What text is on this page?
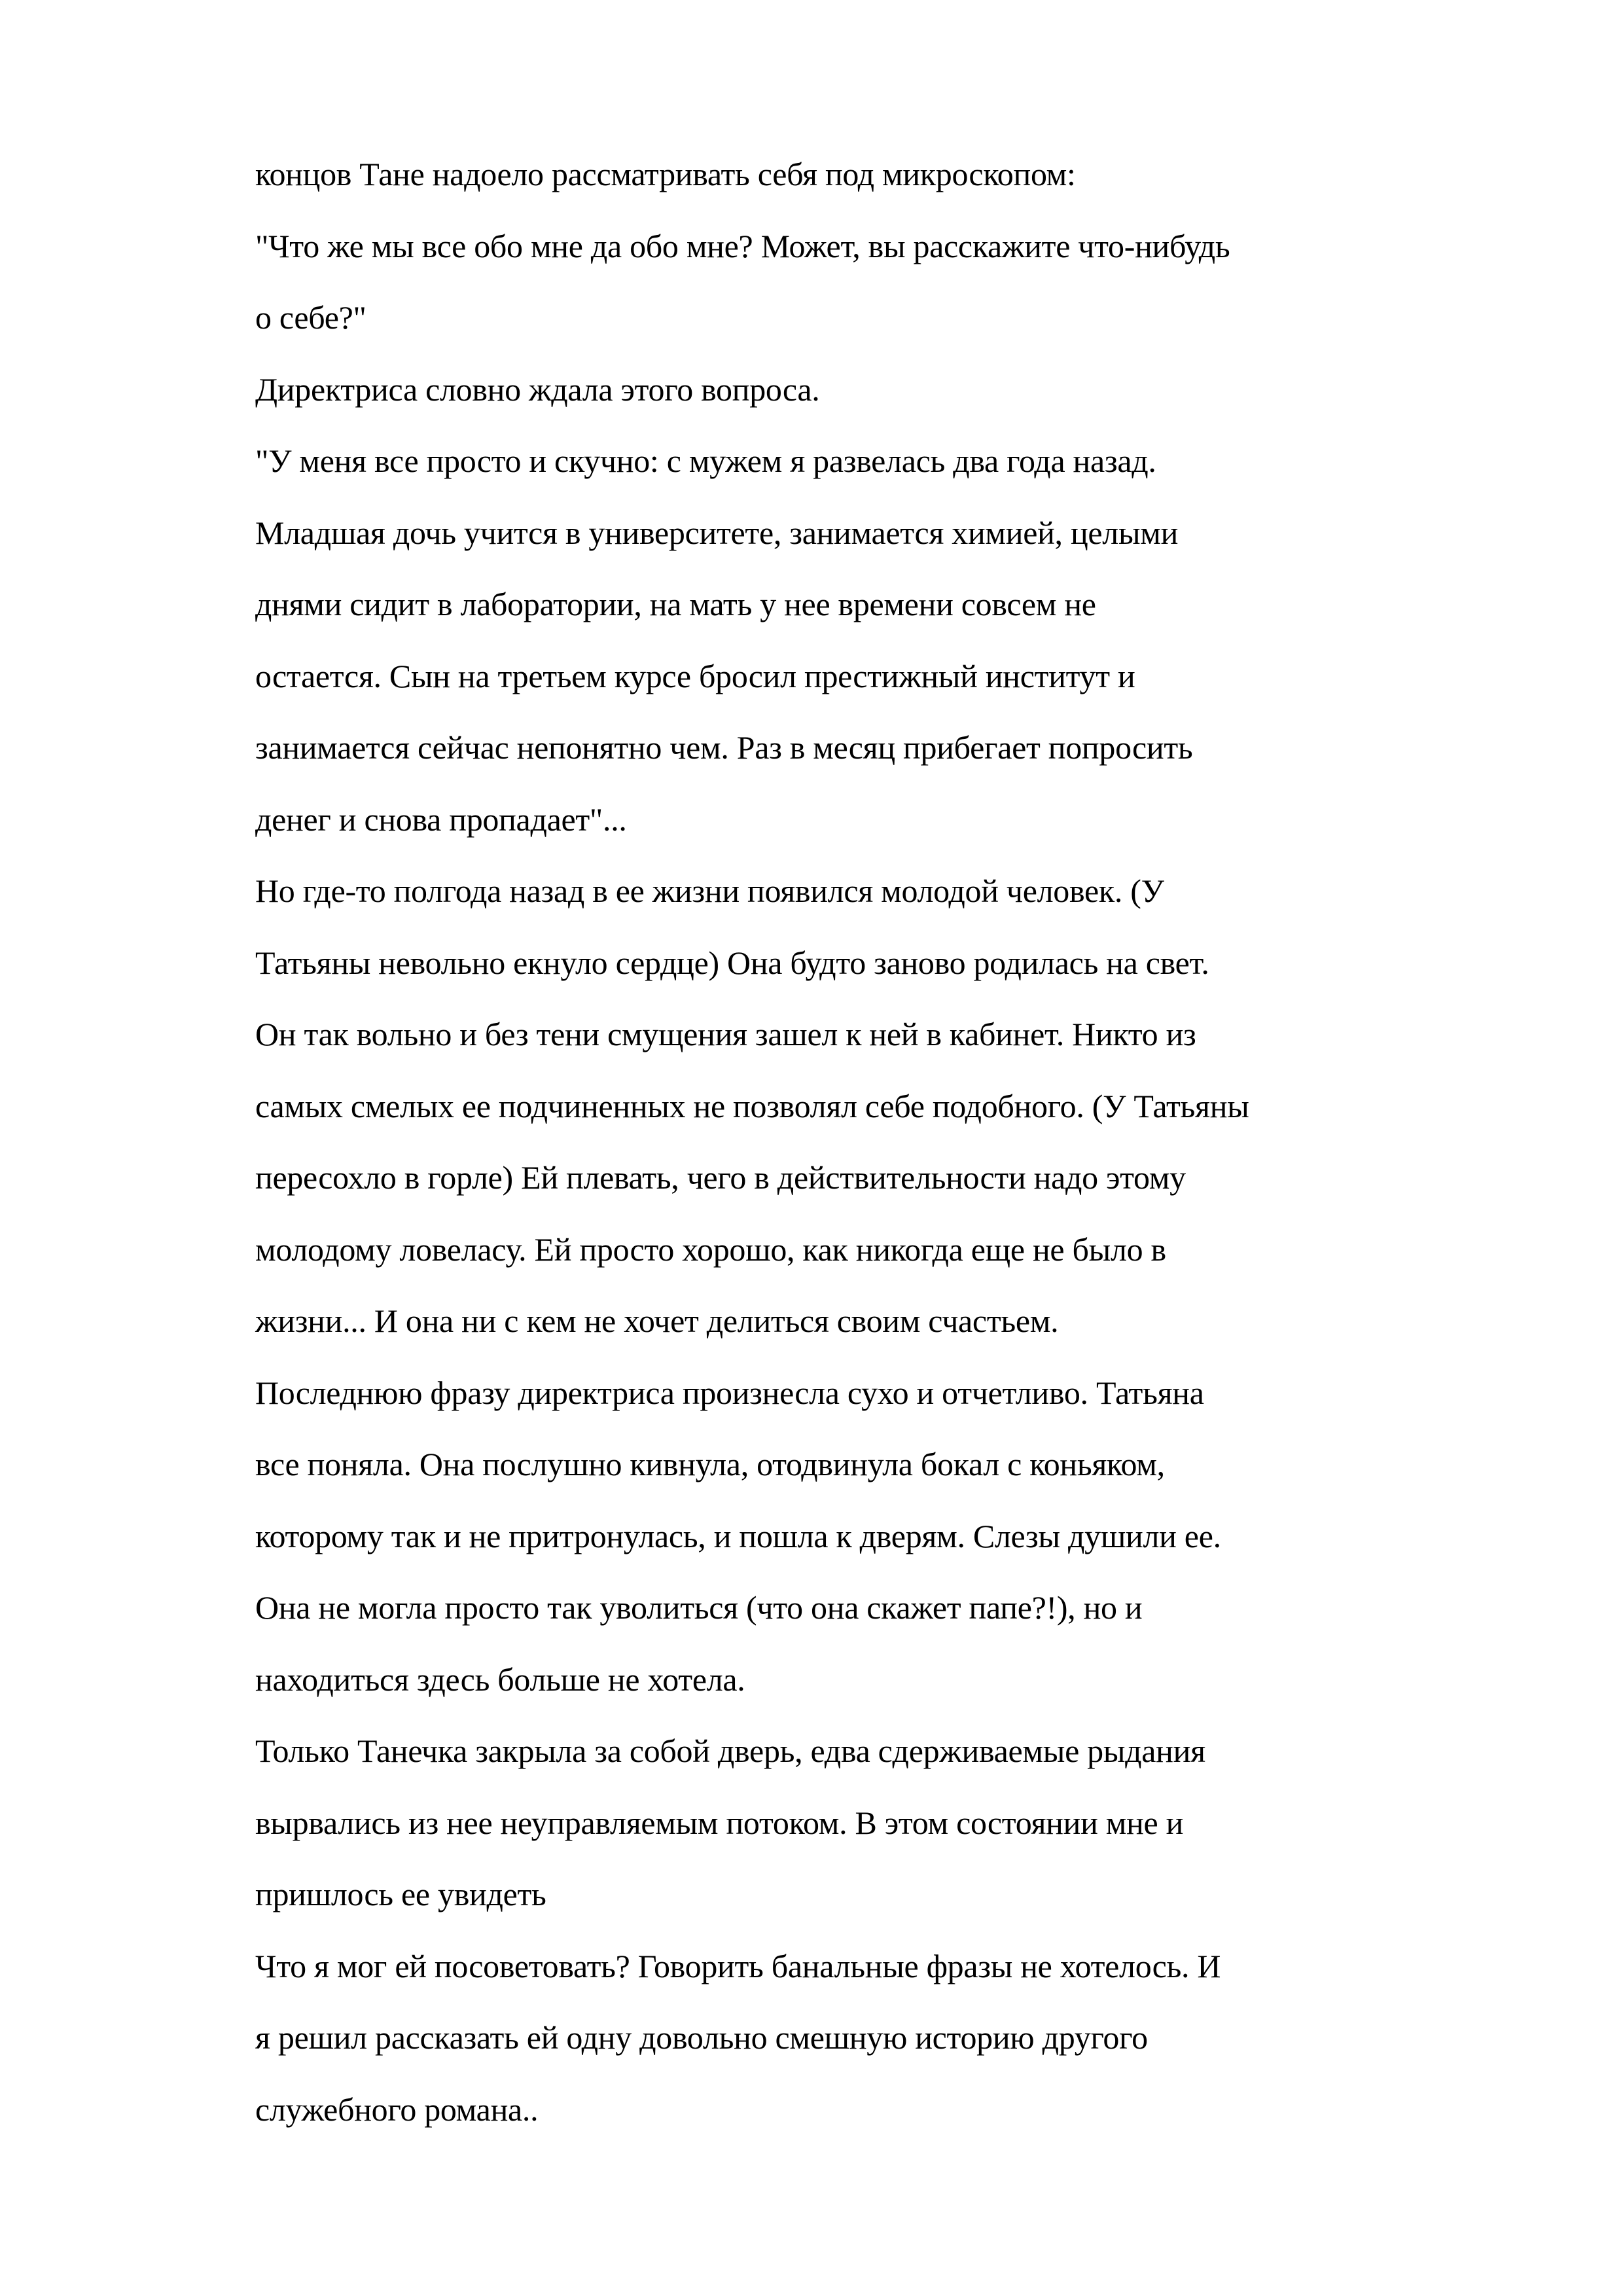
концов Тане надоело рассматривать себя под микроскопом:
"Что же мы все обо мне да обо мне? Может, вы расскажите что-нибудь
о себе?"
Директриса словно ждала этого вопроса.
"У меня все просто и скучно: с мужем я развелась два года назад.
Младшая дочь учится в университете, занимается химией, целыми
днями сидит в лаборатории, на мать у нее времени совсем не
остается. Сын на третьем курсе бросил престижный институт и
занимается сейчас непонятно чем. Раз в месяц прибегает попросить
денег и снова пропадает"...
Но где-то полгода назад в ее жизни появился молодой человек. (У
Татьяны невольно екнуло сердце) Она будто заново родилась на свет.
Он так вольно и без тени смущения зашел к ней в кабинет. Никто из
самых смелых ее подчиненных не позволял себе подобного. (У Татьяны
пересохло в горле) Ей плевать, чего в действительности надо этому
молодому ловеласу. Ей просто хорошо, как никогда еще не было в
жизни... И она ни с кем не хочет делиться своим счастьем.
Последнюю фразу директриса произнесла сухо и отчетливо. Татьяна
все поняла. Она послушно кивнула, отодвинула бокал с коньяком,
которому так и не притронулась, и пошла к дверям. Слезы душили ее.
Она не могла просто так уволиться (что она скажет папе?!), но и
находиться здесь больше не хотела.
Только Танечка закрыла за собой дверь, едва сдерживаемые рыдания
вырвались из нее неуправляемым потоком. В этом состоянии мне и
пришлось ее увидеть
Что я мог ей посоветовать? Говорить банальные фразы не хотелось. И
я решил рассказать ей одну довольно смешную историю другого
служебного романа..
